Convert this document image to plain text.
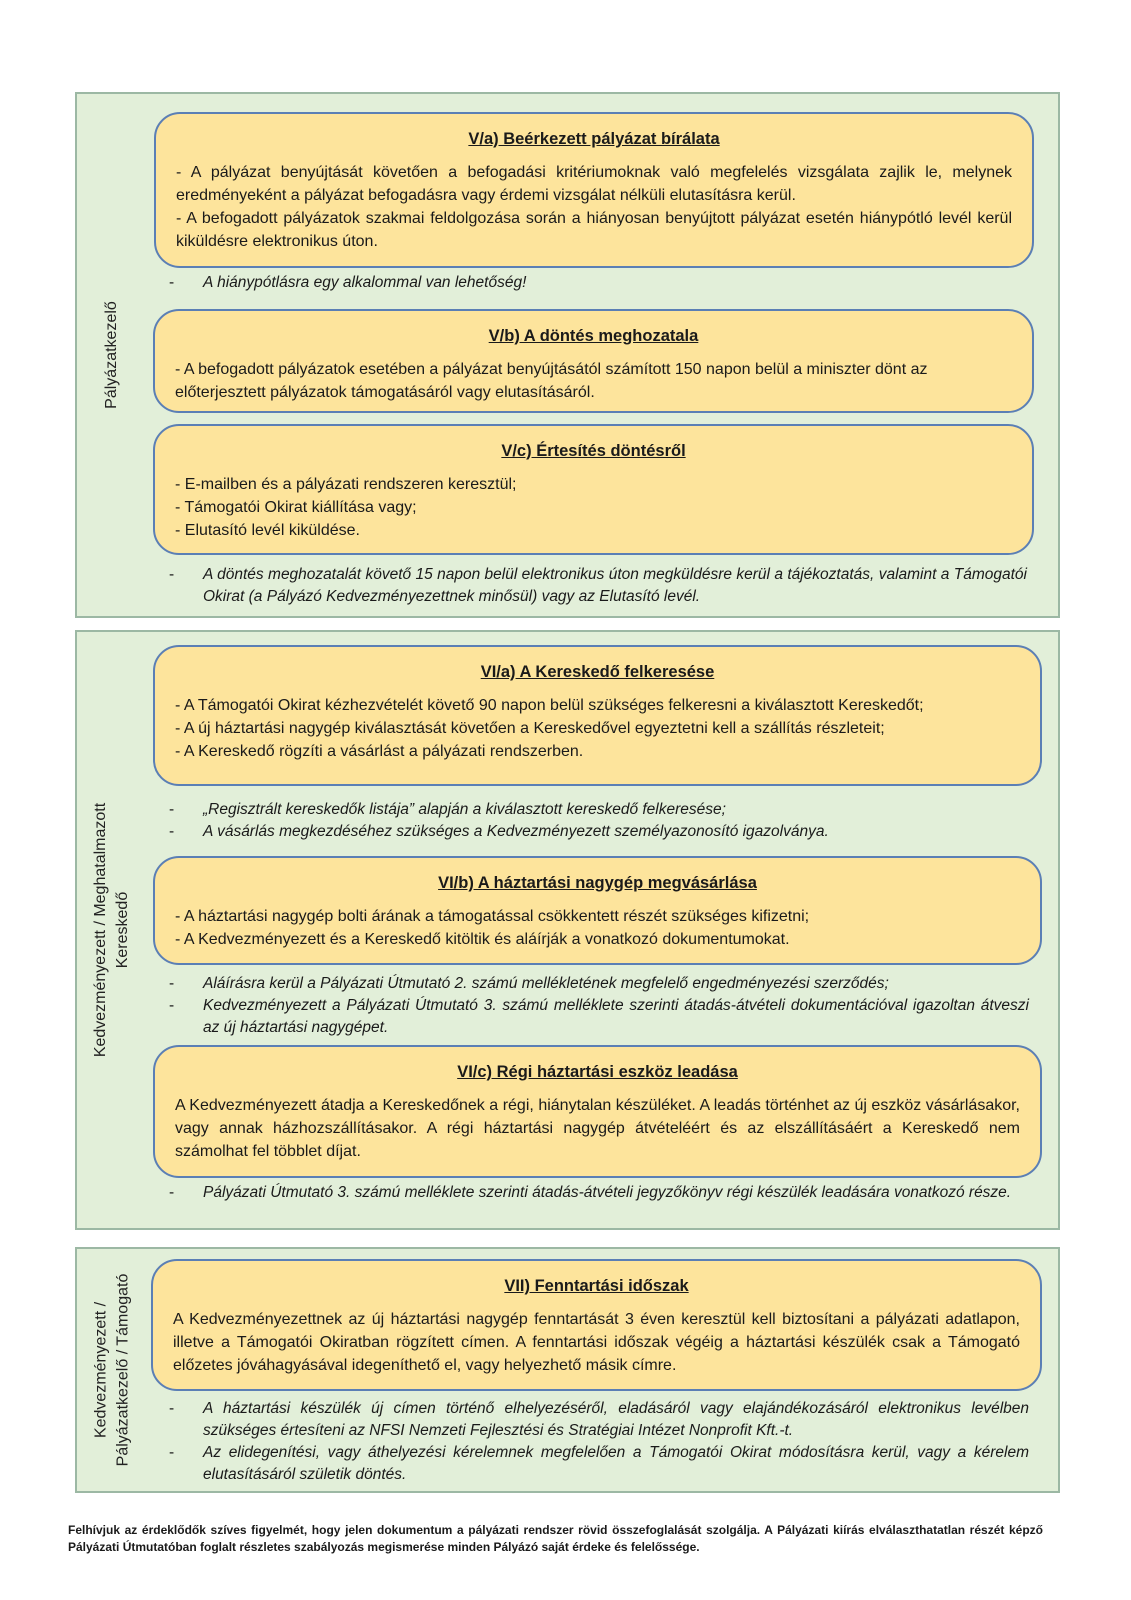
Pályázatkezelő
V/a) Beérkezett pályázat bírálata
- A pályázat benyújtását követően a befogadási kritériumoknak való megfelelés vizsgálata zajlik le, melynek eredményeként a pályázat befogadásra vagy érdemi vizsgálat nélküli elutasításra kerül.
- A befogadott pályázatok szakmai feldolgozása során a hiányosan benyújtott pályázat esetén hiánypótló levél kerül kiküldésre elektronikus úton.
-	A hiánypótlásra egy alkalommal van lehetőség!
V/b) A döntés meghozatala
- A befogadott pályázatok esetében a pályázat benyújtásától számított 150 napon belül a miniszter dönt az előterjesztett pályázatok támogatásáról vagy elutasításáról.
V/c) Értesítés döntésről
- E-mailben és a pályázati rendszeren keresztül;
- Támogatói Okirat kiállítása vagy;
- Elutasító levél kiküldése.
-	A döntés meghozatalát követő 15 napon belül elektronikus úton megküldésre kerül a tájékoztatás, valamint a Támogatói Okirat (a Pályázó Kedvezményezettnek minősül) vagy az Elutasító levél.
Kedvezményezett / Meghatalmazott Kereskedő
VI/a) A Kereskedő felkeresése
- A Támogatói Okirat kézhezvételét követő 90 napon belül szükséges felkeresni a kiválasztott Kereskedőt;
- A új háztartási nagygép kiválasztását követően a Kereskedővel egyeztetni kell a szállítás részleteit;
- A Kereskedő rögzíti a vásárlást a pályázati rendszerben.
-	„Regisztrált kereskedők listája” alapján a kiválasztott kereskedő felkeresése;
-	A vásárlás megkezdéséhez szükséges a Kedvezményezett személyazonosító igazolványa.
VI/b) A háztartási nagygép megvásárlása
- A háztartási nagygép bolti árának a támogatással csökkentett részét szükséges kifizetni;
- A Kedvezményezett és a Kereskedő kitöltik és aláírják a vonatkozó dokumentumokat.
-	Aláírásra kerül a Pályázati Útmutató 2. számú mellékletének megfelelő engedményezési szerződés;
-	Kedvezményezett a Pályázati Útmutató 3. számú melléklete szerinti átadás-átvételi dokumentációval igazoltan átveszi az új háztartási nagygépet.
VI/c) Régi háztartási eszköz leadása
A Kedvezményezett átadja a Kereskedőnek a régi, hiánytalan készüléket. A leadás történhet az új eszköz vásárlásakor, vagy annak házhozszállításakor. A régi háztartási nagygép átvételéért és az elszállításáért a Kereskedő nem számolhat fel többlet díjat.
-	Pályázati Útmutató 3. számú melléklete szerinti átadás-átvételi jegyzőkönyv régi készülék leadására vonatkozó része.
Kedvezményezett / Pályázatkezelő / Támogató	VII) Fenntartási időszak
A Kedvezményezettnek az új háztartási nagygép fenntartását 3 éven keresztül kell biztosítani a pályázati adatlapon, illetve a Támogatói Okiratban rögzített címen. A fenntartási időszak végéig a háztartási készülék csak a Támogató előzetes jóváhagyásával idegeníthető el, vagy helyezhető másik címre.
-	A háztartási készülék új címen történő elhelyezéséről, eladásáról vagy elajándékozásáról elektronikus levélben szükséges értesíteni az NFSI Nemzeti Fejlesztési és Stratégiai Intézet Nonprofit Kft.-t.
-	Az elidegenítési, vagy áthelyezési kérelemnek megfelelően a Támogatói Okirat módosításra kerül, vagy a kérelem elutasításáról születik döntés.
Felhívjuk az érdeklődők szíves figyelmét, hogy jelen dokumentum a pályázati rendszer rövid összefoglalását szolgálja. A Pályázati kiírás elválaszthatatlan részét képző Pályázati Útmutatóban foglalt részletes szabályozás megismerése minden Pályázó saját érdeke és felelőssége.
